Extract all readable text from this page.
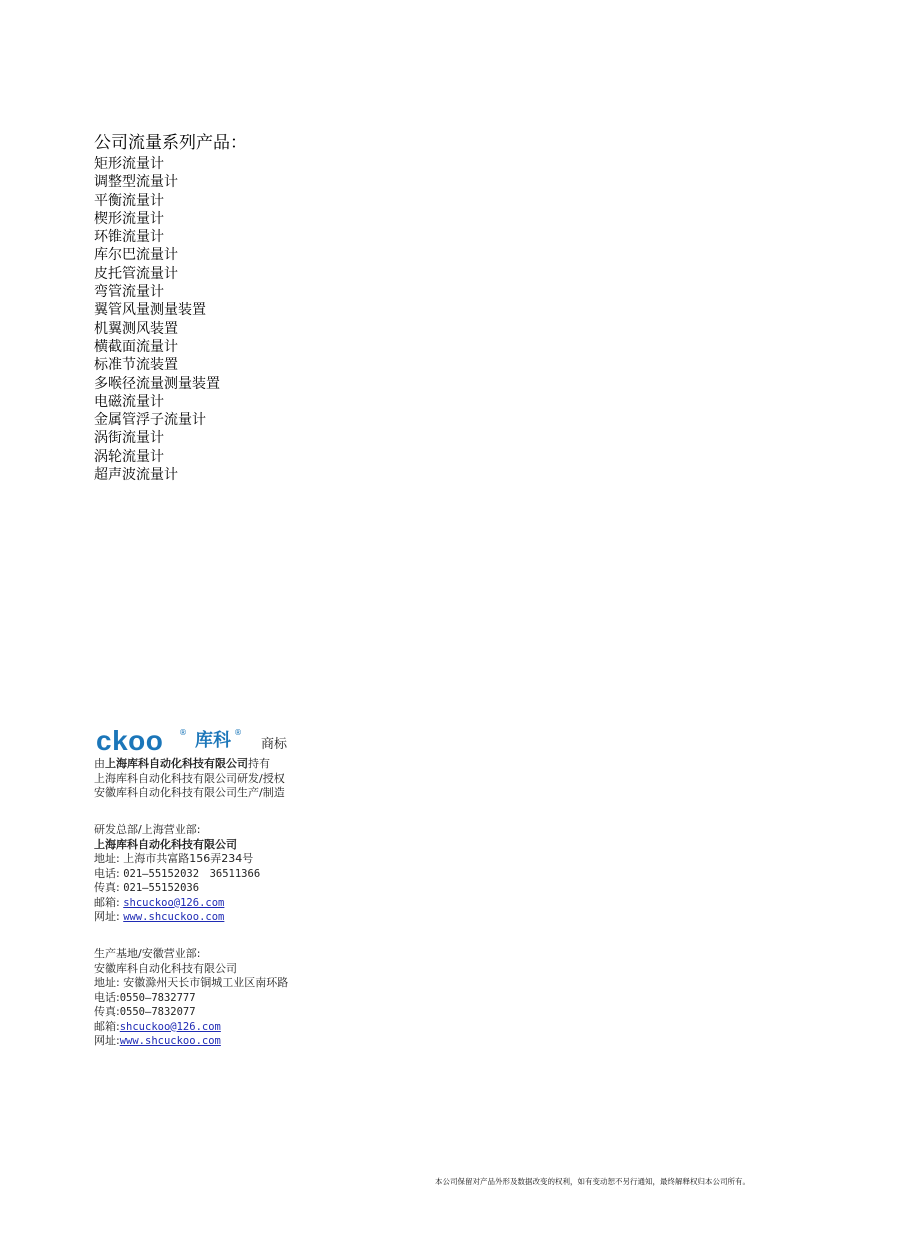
公司流量系列产品：
矩形流量计
调整型流量计
平衡流量计
楔形流量计
环锥流量计
库尔巴流量计
皮托管流量计
弯管流量计
翼管风量测量装置
机翼测风装置
横截面流量计
标准节流装置
多喉径流量测量装置
电磁流量计
金属管浮子流量计
涡街流量计
涡轮流量计
超声波流量计
ckoo ® 库科 ®
商标
由上海库科自动化科技有限公司持有
上海库科自动化科技有限公司研发/授权
安徽库科自动化科技有限公司生产/制造
研发总部/上海营业部:
上海库科自动化科技有限公司
地址: 上海市共富路156弄234号
电话: 021—55152032　36511366
传真: 021—55152036
邮箱: shcuckoo@126.com
网址: www.shcuckoo.com
生产基地/安徽营业部:
安徽库科自动化科技有限公司
地址: 安徽滁州天长市铜城工业区南环路
电话:0550—7832777
传真:0550—7832077
邮箱:shcuckoo@126.com
网址:www.shcuckoo.com
本公司保留对产品外形及数据改变的权利，如有变动恕不另行通知，最终解释权归本公司所有。
